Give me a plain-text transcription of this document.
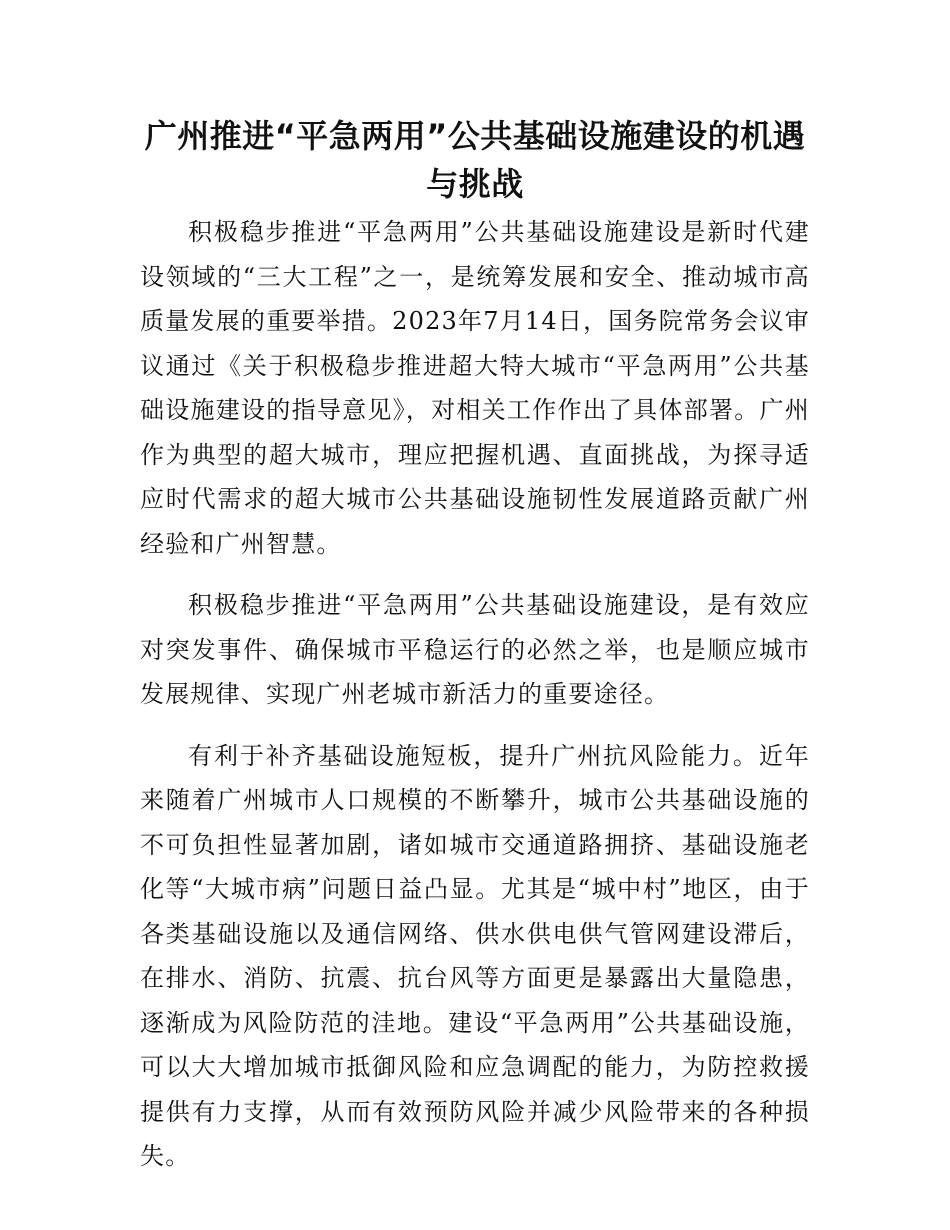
广州推进“平急两用”公共基础设施建设的机遇与挑战

积极稳步推进“平急两用”公共基础设施建设是新时代建设领域的“三大工程”之一，是统筹发展和安全、推动城市高质量发展的重要举措。2023年7月14日，国务院常务会议审议通过《关于积极稳步推进超大特大城市“平急两用”公共基础设施建设的指导意见》，对相关工作作出了具体部署。广州作为典型的超大城市，理应把握机遇、直面挑战，为探寻适应时代需求的超大城市公共基础设施韧性发展道路贡献广州经验和广州智慧。

积极稳步推进“平急两用”公共基础设施建设，是有效应对突发事件、确保城市平稳运行的必然之举，也是顺应城市发展规律、实现广州老城市新活力的重要途径。

有利于补齐基础设施短板，提升广州抗风险能力。近年来随着广州城市人口规模的不断攀升，城市公共基础设施的不可负担性显著加剧，诸如城市交通道路拥挤、基础设施老化等“大城市病”问题日益凸显。尤其是“城中村”地区，由于各类基础设施以及通信网络、供水供电供气管网建设滞后，在排水、消防、抗震、抗台风等方面更是暴露出大量隐患，逐渐成为风险防范的洼地。建设“平急两用”公共基础设施，可以大大增加城市抵御风险和应急调配的能力，为防控救援提供有力支撑，从而有效预防风险并减少风险带来的各种损失。
